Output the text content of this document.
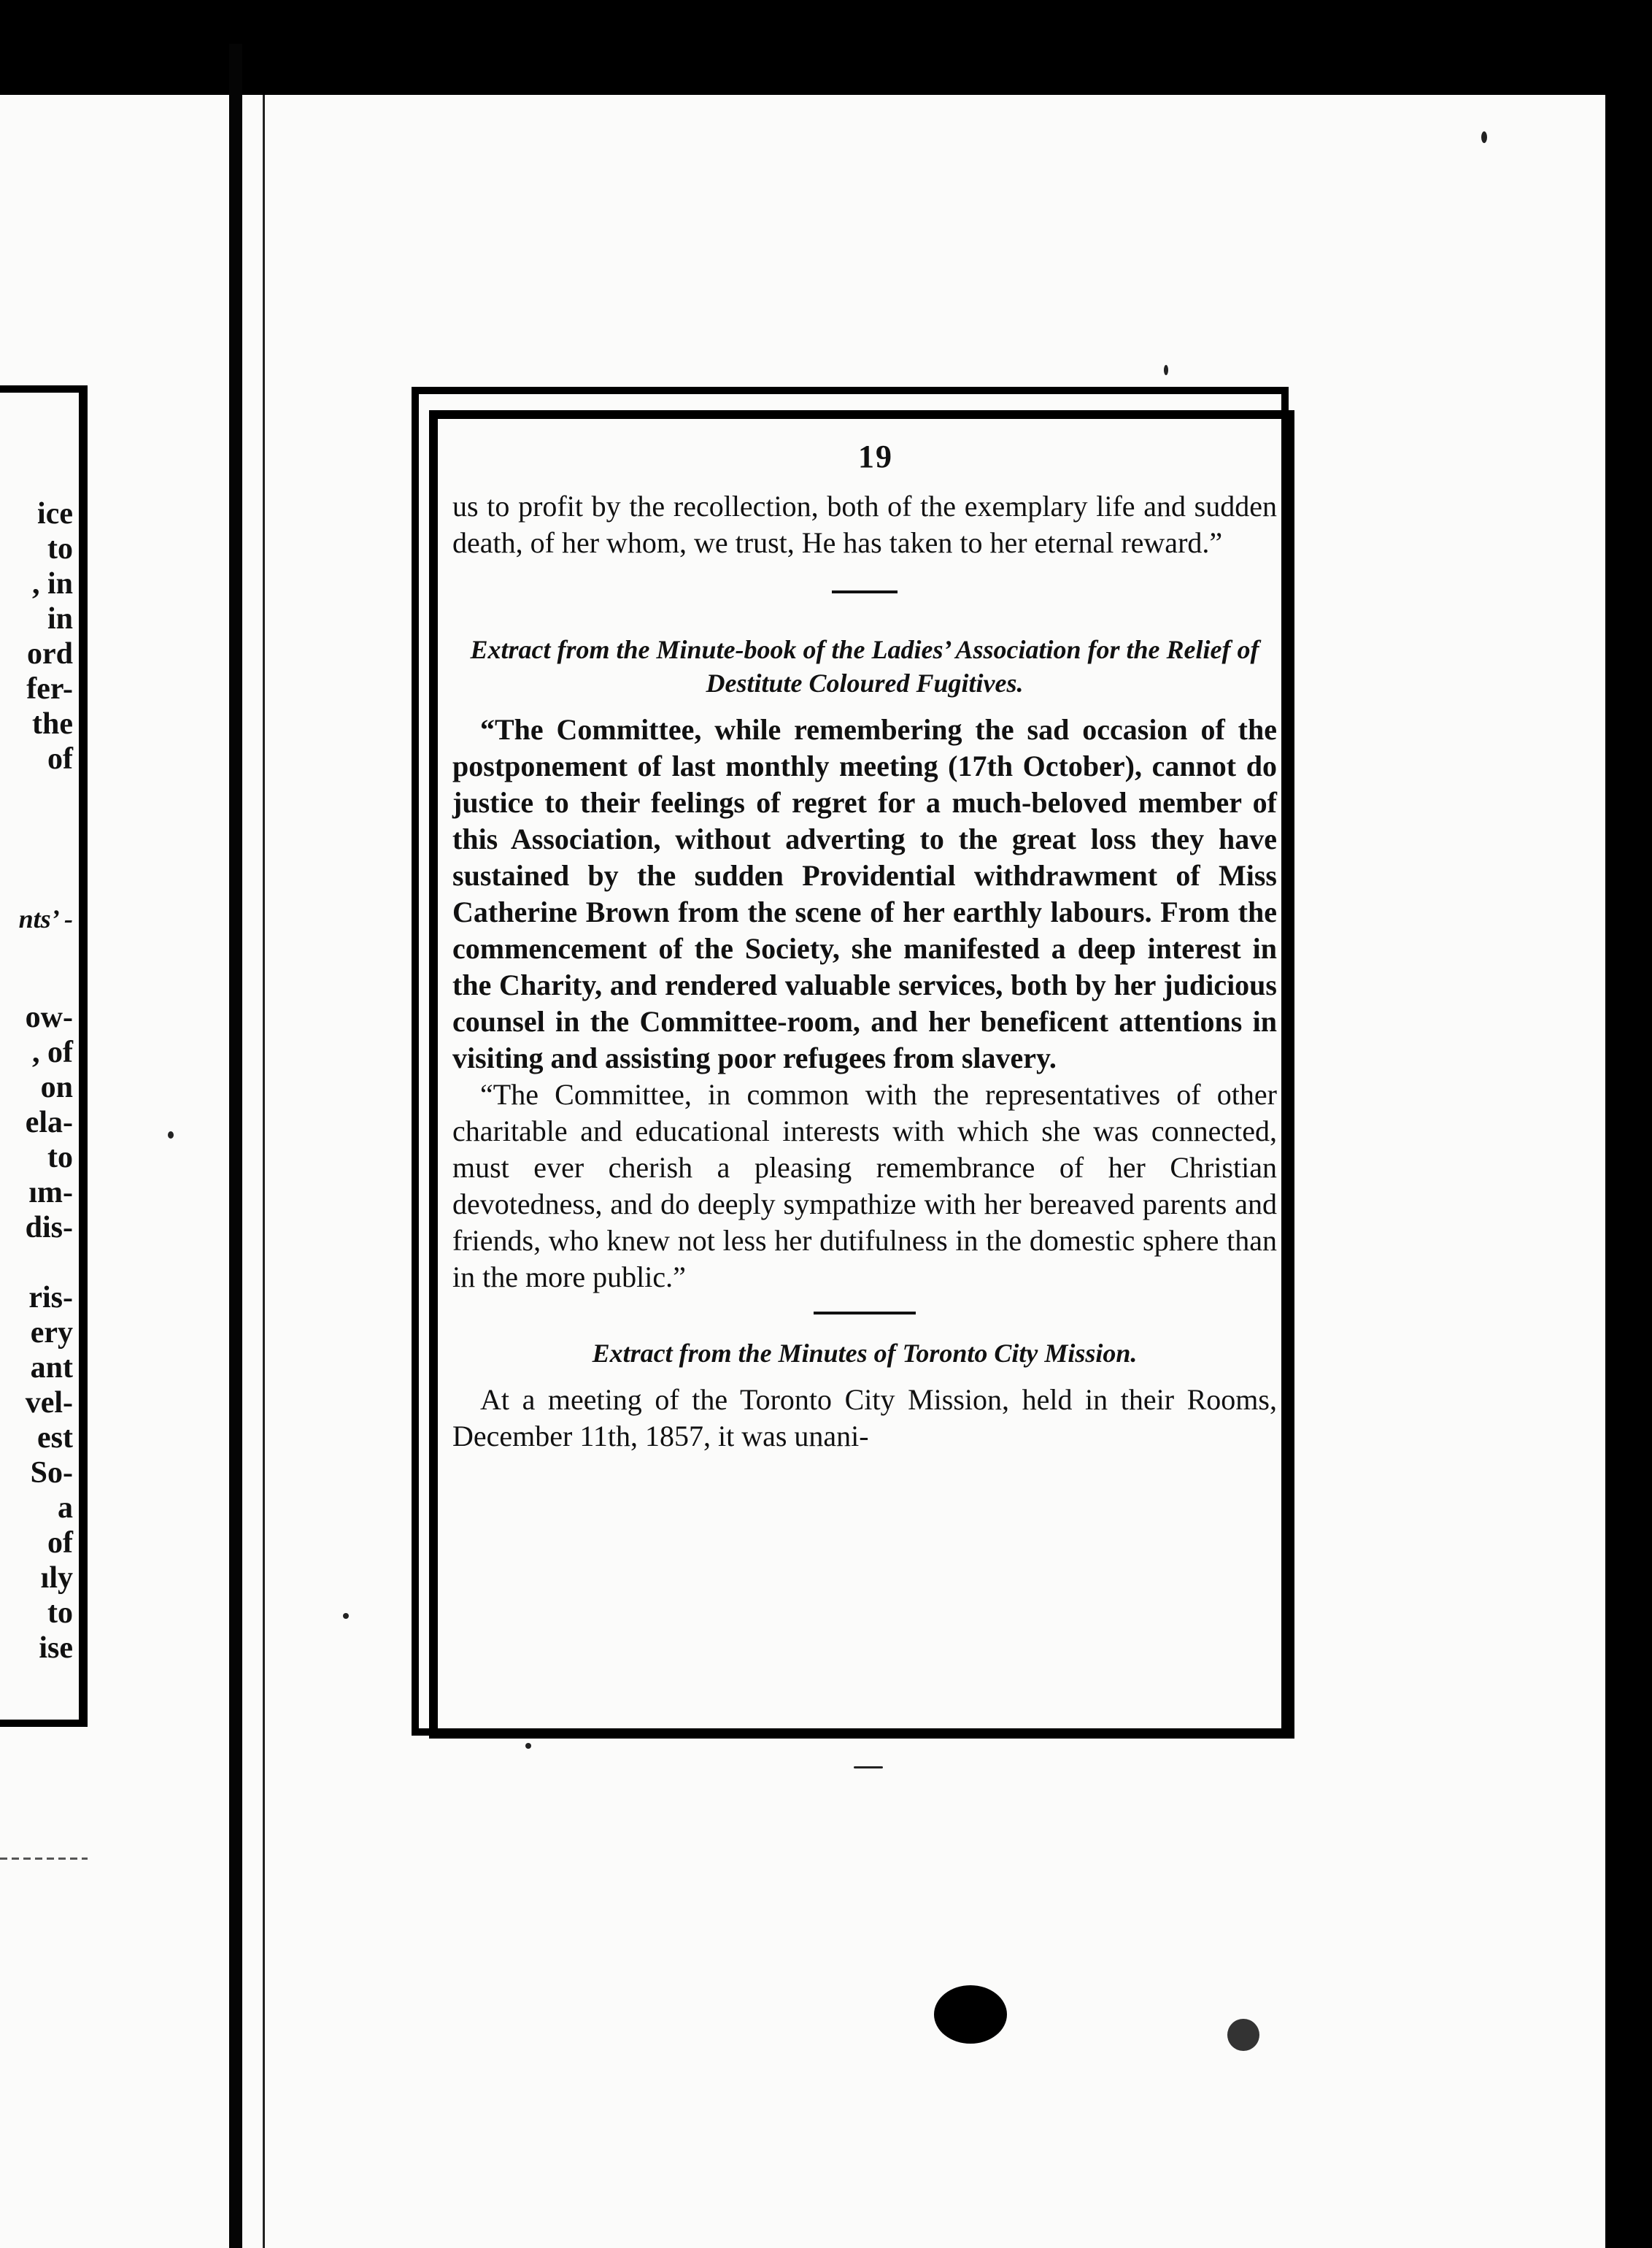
ice
to
, in
in
ord
fer-
the
of
nts’ -
ow-
, of
on
ela-
to
ım-
dis-
ris-
ery
ant
vel-
est
So-
a
of
ıly
to
ise
19

us to profit by the recollection, both of the exemplary life and sudden death, of her whom, we trust, He has taken to her eternal reward.”

Extract from the Minute-book of the Ladies’ Association for the Relief of Destitute Coloured Fugitives.

“The Committee, while remembering the sad occasion of the postponement of last monthly meeting (17th October), cannot do justice to their feelings of regret for a much-beloved member of this Association, without adverting to the great loss they have sustained by the sudden Providential withdrawment of Miss Catherine Brown from the scene of her earthly labours. From the commencement of the Society, she manifested a deep interest in the Charity, and rendered valuable services, both by her judicious counsel in the Committee-room, and her beneficent attentions in visiting and assisting poor refugees from slavery.

“The Committee, in common with the representatives of other charitable and educational interests with which she was connected, must ever cherish a pleasing remembrance of her Christian devotedness, and do deeply sympathize with her bereaved parents and friends, who knew not less her dutifulness in the domestic sphere than in the more public.”

Extract from the Minutes of Toronto City Mission.

At a meeting of the Toronto City Mission, held in their Rooms, December 11th, 1857, it was unani-
